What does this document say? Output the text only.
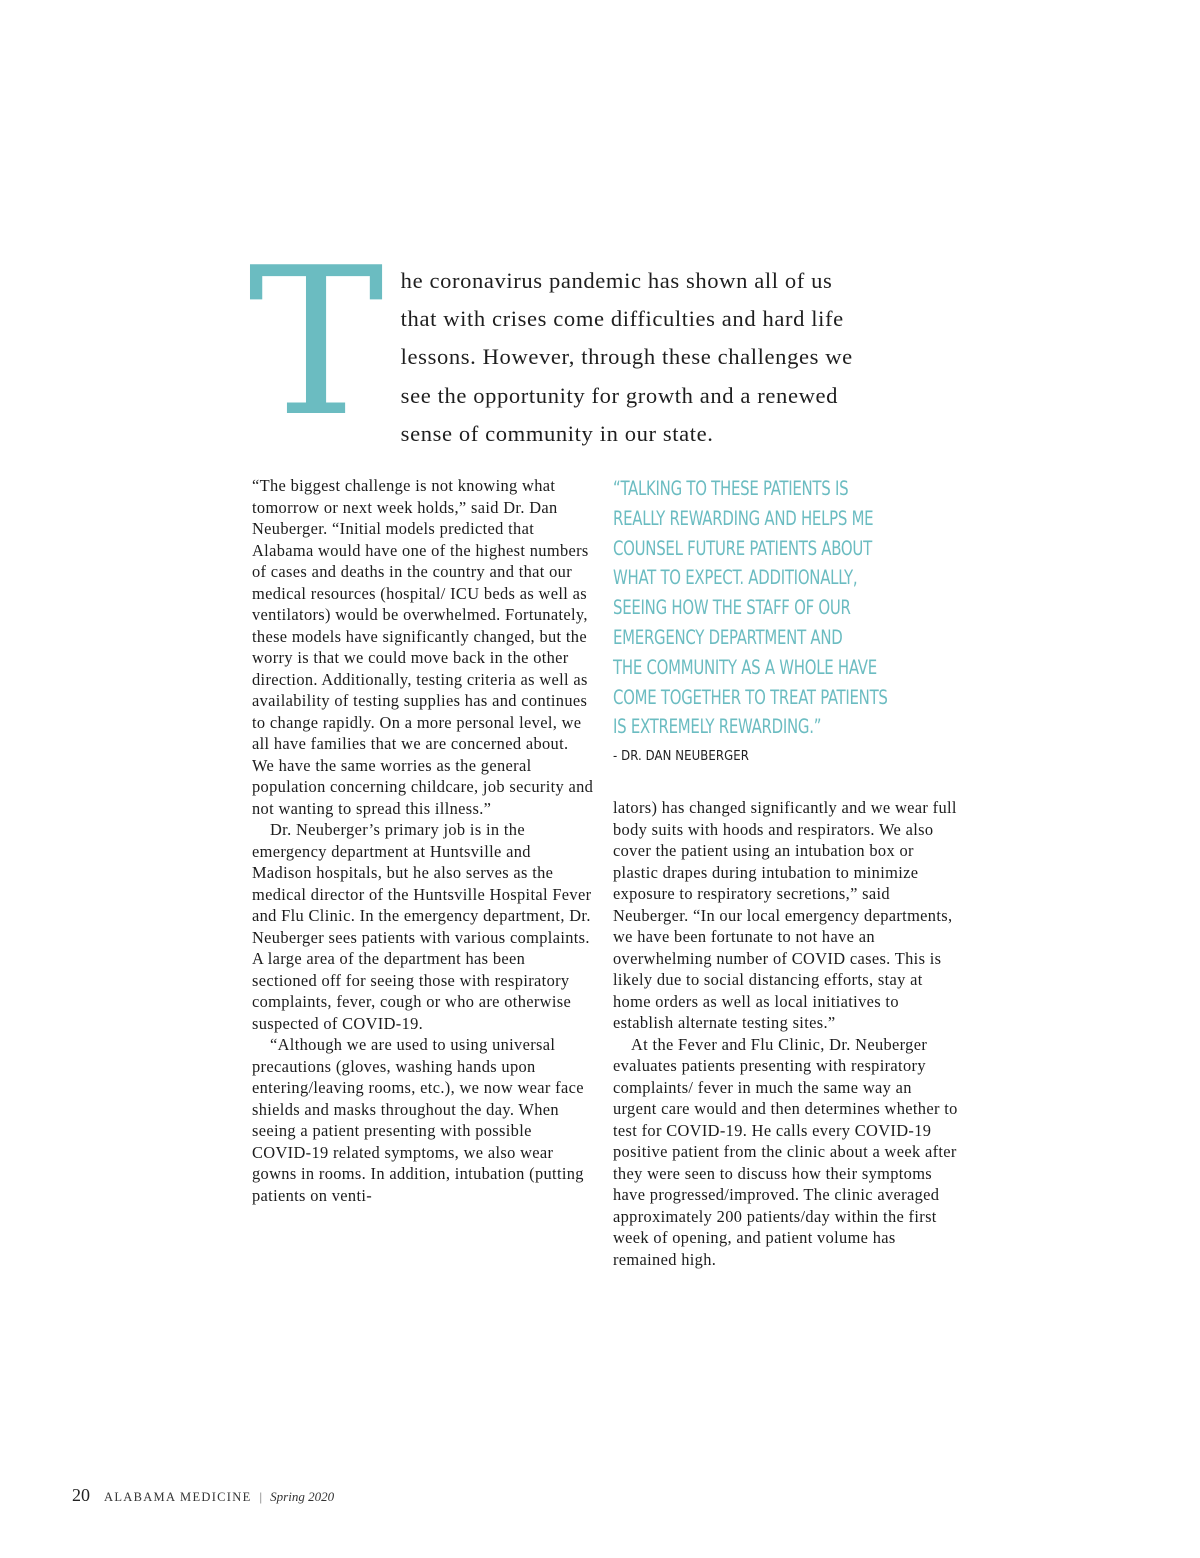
T he coronavirus pandemic has shown all of us
that with crises come difficulties and hard life
lessons. However, through these challenges we
see the opportunity for growth and a renewed
sense of community in our state.

“The biggest challenge is not knowing what tomorrow or next week holds,” said Dr. Dan Neuberger. “Initial models predicted that Alabama would have one of the highest numbers of cases and deaths in the country and that our medical resources (hospital/ ICU beds as well as ventilators) would be overwhelmed. Fortunately, these models have significantly changed, but the worry is that we could move back in the other direction. Additionally, testing criteria as well as availability of testing supplies has and continues to change rapidly. On a more personal level, we all have families that we are concerned about. We have the same worries as the general population concerning childcare, job security and not wanting to spread this illness.”

Dr. Neuberger’s primary job is in the emergency department at Huntsville and Madison hospitals, but he also serves as the medical director of the Huntsville Hospital Fever and Flu Clinic. In the emergency department, Dr. Neuberger sees patients with various complaints. A large area of the department has been sectioned off for seeing those with respiratory complaints, fever, cough or who are otherwise suspected of COVID-19.

“Although we are used to using universal precautions (gloves, washing hands upon entering/leaving rooms, etc.), we now wear face shields and masks throughout the day. When seeing a patient presenting with possible COVID-19 related symptoms, we also wear gowns in rooms. In addition, intubation (putting patients on venti-

“TALKING TO THESE PATIENTS IS
REALLY REWARDING AND HELPS ME
COUNSEL FUTURE PATIENTS ABOUT
WHAT TO EXPECT. ADDITIONALLY,
SEEING HOW THE STAFF OF OUR
EMERGENCY DEPARTMENT AND
THE COMMUNITY AS A WHOLE HAVE
COME TOGETHER TO TREAT PATIENTS
IS EXTREMELY REWARDING.”
- DR. DAN NEUBERGER

lators) has changed significantly and we wear full body suits with hoods and respirators. We also cover the patient using an intubation box or plastic drapes during intubation to minimize exposure to respiratory secretions,” said Neuberger. “In our local emergency departments, we have been fortunate to not have an overwhelming number of COVID cases. This is likely due to social distancing efforts, stay at home orders as well as local initiatives to establish alternate testing sites.”

At the Fever and Flu Clinic, Dr. Neuberger evaluates patients presenting with respiratory complaints/ fever in much the same way an urgent care would and then determines whether to test for COVID-19. He calls every COVID-19 positive patient from the clinic about a week after they were seen to discuss how their symptoms have progressed/improved. The clinic averaged approximately 200 patients/day within the first week of opening, and patient volume has remained high.

20 ALABAMA MEDICINE | Spring 2020
